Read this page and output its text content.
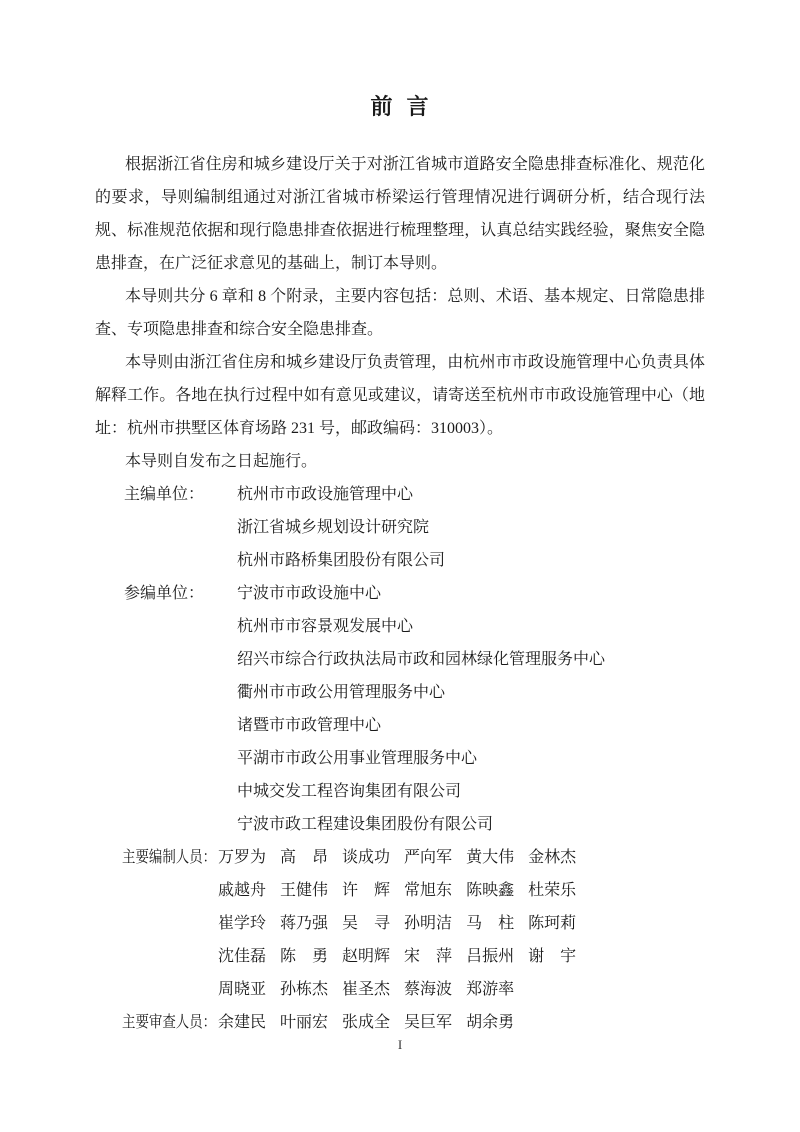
前  言

根据浙江省住房和城乡建设厅关于对浙江省城市道路安全隐患排查标准化、规范化的要求，导则编制组通过对浙江省城市桥梁运行管理情况进行调研分析，结合现行法规、标准规范依据和现行隐患排查依据进行梳理整理，认真总结实践经验，聚焦安全隐患排查，在广泛征求意见的基础上，制订本导则。

本导则共分 6 章和 8 个附录，主要内容包括：总则、术语、基本规定、日常隐患排查、专项隐患排查和综合安全隐患排查。

本导则由浙江省住房和城乡建设厅负责管理，由杭州市市政设施管理中心负责具体解释工作。各地在执行过程中如有意见或建议，请寄送至杭州市市政设施管理中心（地址：杭州市拱墅区体育场路 231 号，邮政编码：310003）。

本导则自发布之日起施行。

主编单位： 杭州市市政设施管理中心
浙江省城乡规划设计研究院
杭州市路桥集团股份有限公司
参编单位： 宁波市市政设施中心
杭州市市容景观发展中心
绍兴市综合行政执法局市政和园林绿化管理服务中心
衢州市市政公用管理服务中心
诸暨市市政管理中心
平湖市市政公用事业管理服务中心
中城交发工程咨询集团有限公司
宁波市政工程建设集团股份有限公司
主要编制人员： 万罗为 高　昂 谈成功 严向军 黄大伟 金林杰
戚越舟 王健伟 许　辉 常旭东 陈映鑫 杜荣乐
崔学玲 蒋乃强 吴　寻 孙明洁 马　柱 陈珂莉
沈佳磊 陈　勇 赵明辉 宋　萍 吕振州 谢　宇
周晓亚 孙栋杰 崔圣杰 蔡海波 郑游率
主要审查人员： 余建民 叶丽宏 张成全 吴巨军 胡余勇
I
